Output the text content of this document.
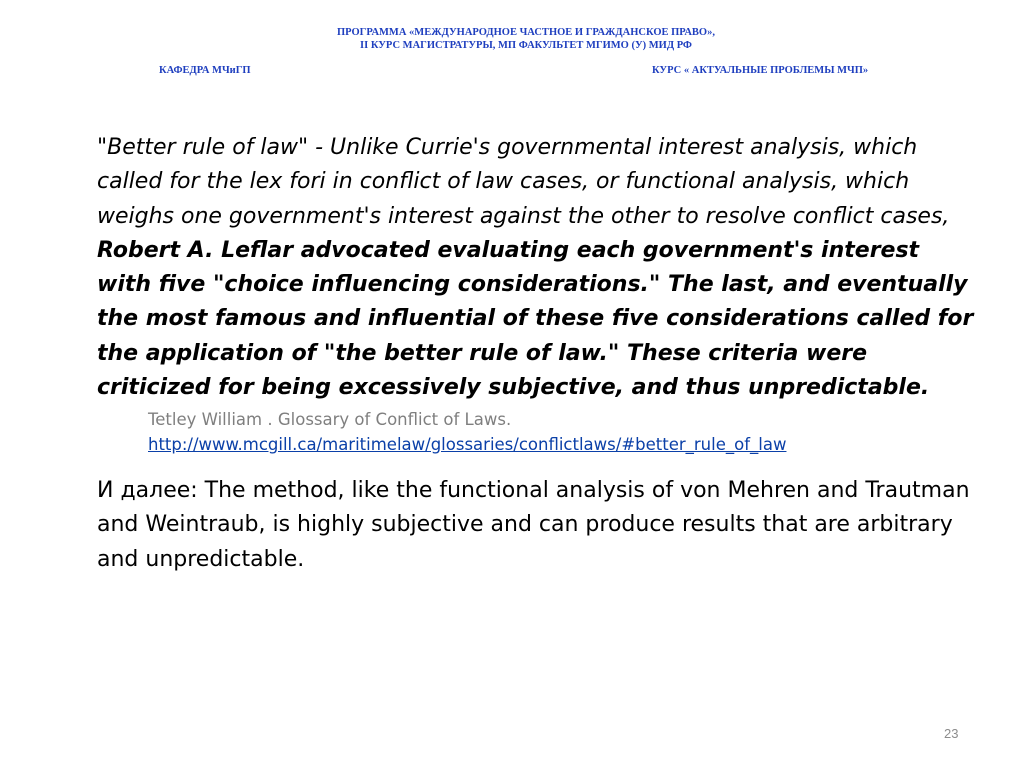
ПРОГРАММА «МЕЖДУНАРОДНОЕ ЧАСТНОЕ И ГРАЖДАНСКОЕ ПРАВО»,
II КУРС МАГИСТРАТУРЫ, МП ФАКУЛЬТЕТ МГИМО (У) МИД РФ
КАФЕДРА МЧиГП	КУРС « АКТУАЛЬНЫЕ ПРОБЛЕМЫ МЧП»
"Better rule of law" - Unlike Currie's governmental interest analysis, which called for the lex fori in conflict of law cases, or functional analysis, which weighs one government's interest against the other to resolve conflict cases, Robert A. Leflar advocated evaluating each government's interest with five "choice influencing considerations." The last, and eventually the most famous and influential of these five considerations called for the application of "the better rule of law." These criteria were criticized for being excessively subjective, and thus unpredictable.
Tetley William . Glossary of Conflict of Laws.
http://www.mcgill.ca/maritimelaw/glossaries/conflictlaws/#better_rule_of_law
И далее: The method, like the functional analysis of von Mehren and Trautman and Weintraub, is highly subjective and can produce results that are arbitrary and unpredictable.
23
